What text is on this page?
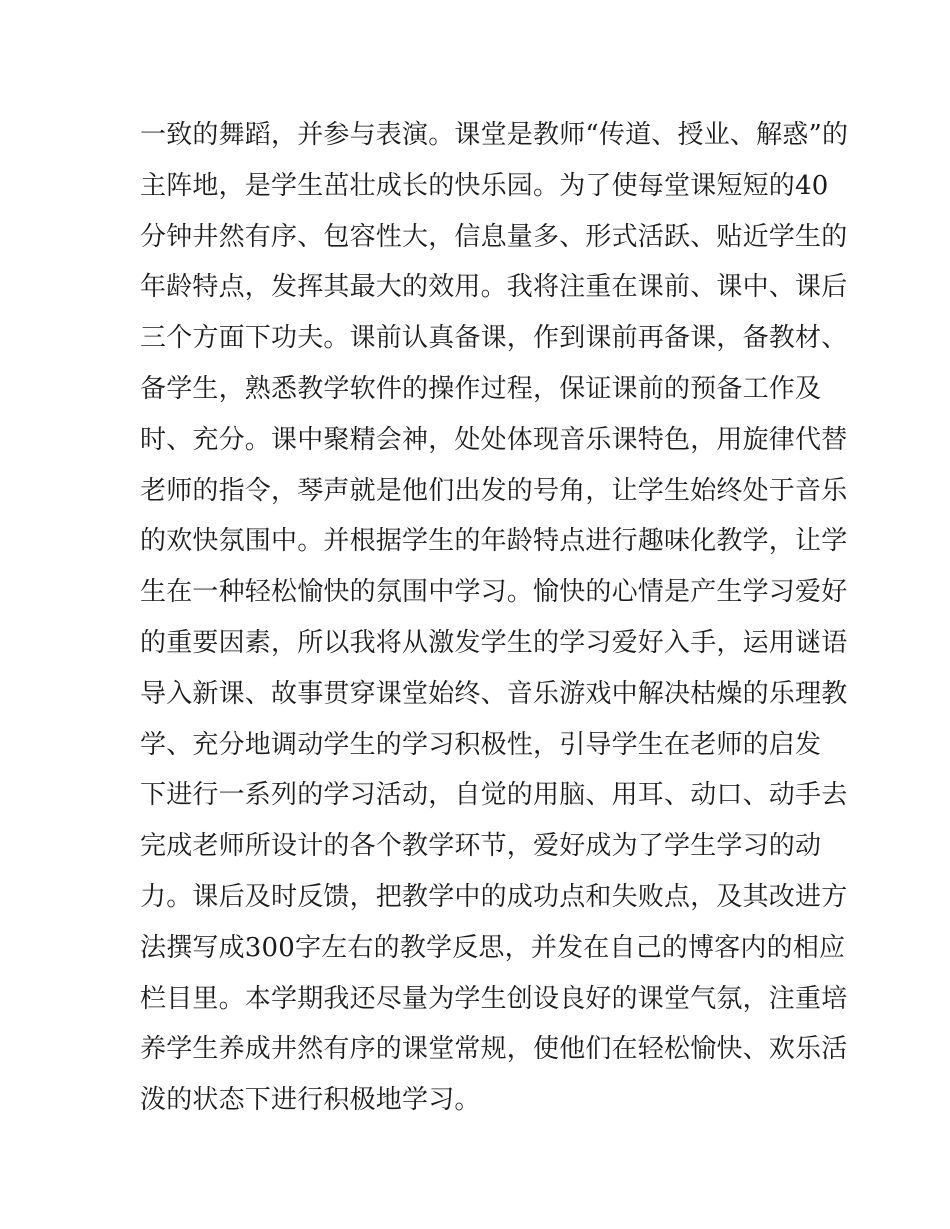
一致的舞蹈，并参与表演。课堂是教师“传道、授业、解惑”的
主阵地，是学生茁壮成长的快乐园。为了使每堂课短短的40
分钟井然有序、包容性大，信息量多、形式活跃、贴近学生的
年龄特点，发挥其最大的效用。我将注重在课前、课中、课后
三个方面下功夫。课前认真备课，作到课前再备课，备教材、
备学生，熟悉教学软件的操作过程，保证课前的预备工作及
时、充分。课中聚精会神，处处体现音乐课特色，用旋律代替
老师的指令，琴声就是他们出发的号角，让学生始终处于音乐
的欢快氛围中。并根据学生的年龄特点进行趣味化教学，让学
生在一种轻松愉快的氛围中学习。愉快的心情是产生学习爱好
的重要因素，所以我将从激发学生的学习爱好入手，运用谜语
导入新课、故事贯穿课堂始终、音乐游戏中解决枯燥的乐理教
学、充分地调动学生的学习积极性，引导学生在老师的启发
下进行一系列的学习活动，自觉的用脑、用耳、动口、动手去
完成老师所设计的各个教学环节，爱好成为了学生学习的动
力。课后及时反馈，把教学中的成功点和失败点，及其改进方
法撰写成300字左右的教学反思，并发在自己的博客内的相应
栏目里。本学期我还尽量为学生创设良好的课堂气氛，注重培
养学生养成井然有序的课堂常规，使他们在轻松愉快、欢乐活
泼的状态下进行积极地学习。
